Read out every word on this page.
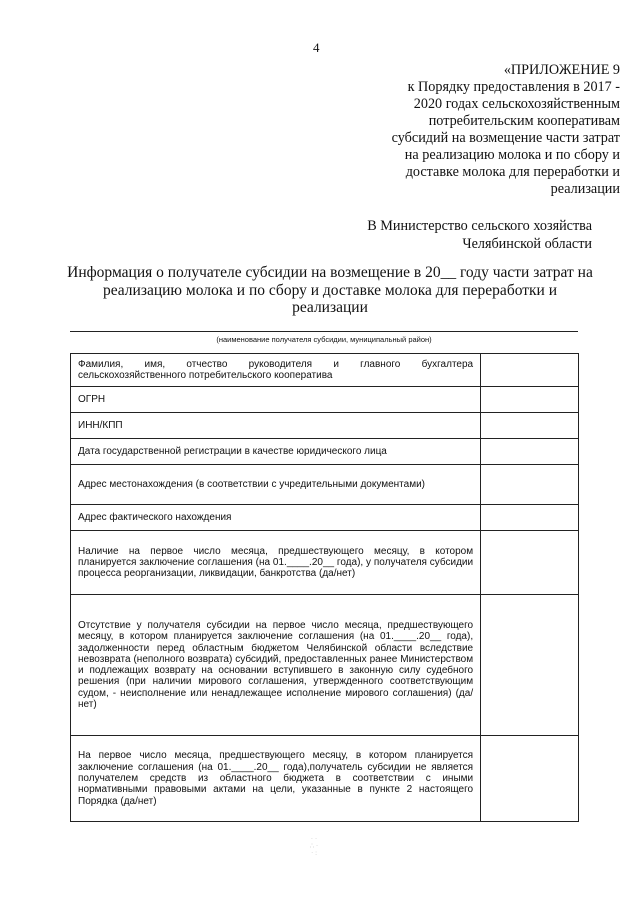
4
«ПРИЛОЖЕНИЕ 9
к Порядку предоставления в 2017 -
2020 годах сельскохозяйственным
потребительским кооперативам
субсидий на возмещение части затрат
на реализацию молока и по сбору и
доставке молока для переработки и
реализации
В Министерство сельского хозяйства
Челябинской области
Информация о получателе субсидии на возмещение в 20__ году части затрат на
реализацию молока и по сбору и доставке молока для переработки и
реализации
(наименование получателя субсидии, муниципальный район)
Фамилия, имя, отчество руководителя и главного бухгалтера сельскохозяйственного потребительского кооператива	
ОГРН	
ИНН/КПП	
Дата государственной регистрации в качестве юридического лица	
Адрес местонахождения (в соответствии с учредительными документами)	
Адрес фактического нахождения	
Наличие на первое число месяца, предшествующего месяцу, в котором планируется заключение соглашения (на 01.____.20__ года), у получателя субсидии процесса реорганизации, ликвидации, банкротства (да/нет)	
Отсутствие у получателя субсидии на первое число месяца, предшествующего месяцу, в котором планируется заключение соглашения (на 01.____.20__ года), задолженности перед областным бюджетом Челябинской области вследствие невозврата (неполного возврата) субсидий, предоставленных ранее Министерством и подлежащих возврату на основании вступившего в законную силу судебного решения (при наличии мирового соглашения, утвержденного соответствующим судом, - неисполнение или ненадлежащее исполнение мирового соглашения) (да/нет)	
На первое число месяца, предшествующего месяцу, в котором планируется заключение соглашения (на 01.____.20__ года),получатель субсидии не является получателем средств из областного бюджета в соответствии с иными нормативными правовыми актами на цели, указанные в пункте 2 настоящего Порядка (да/нет)	
· ·
∴ ·
· :
